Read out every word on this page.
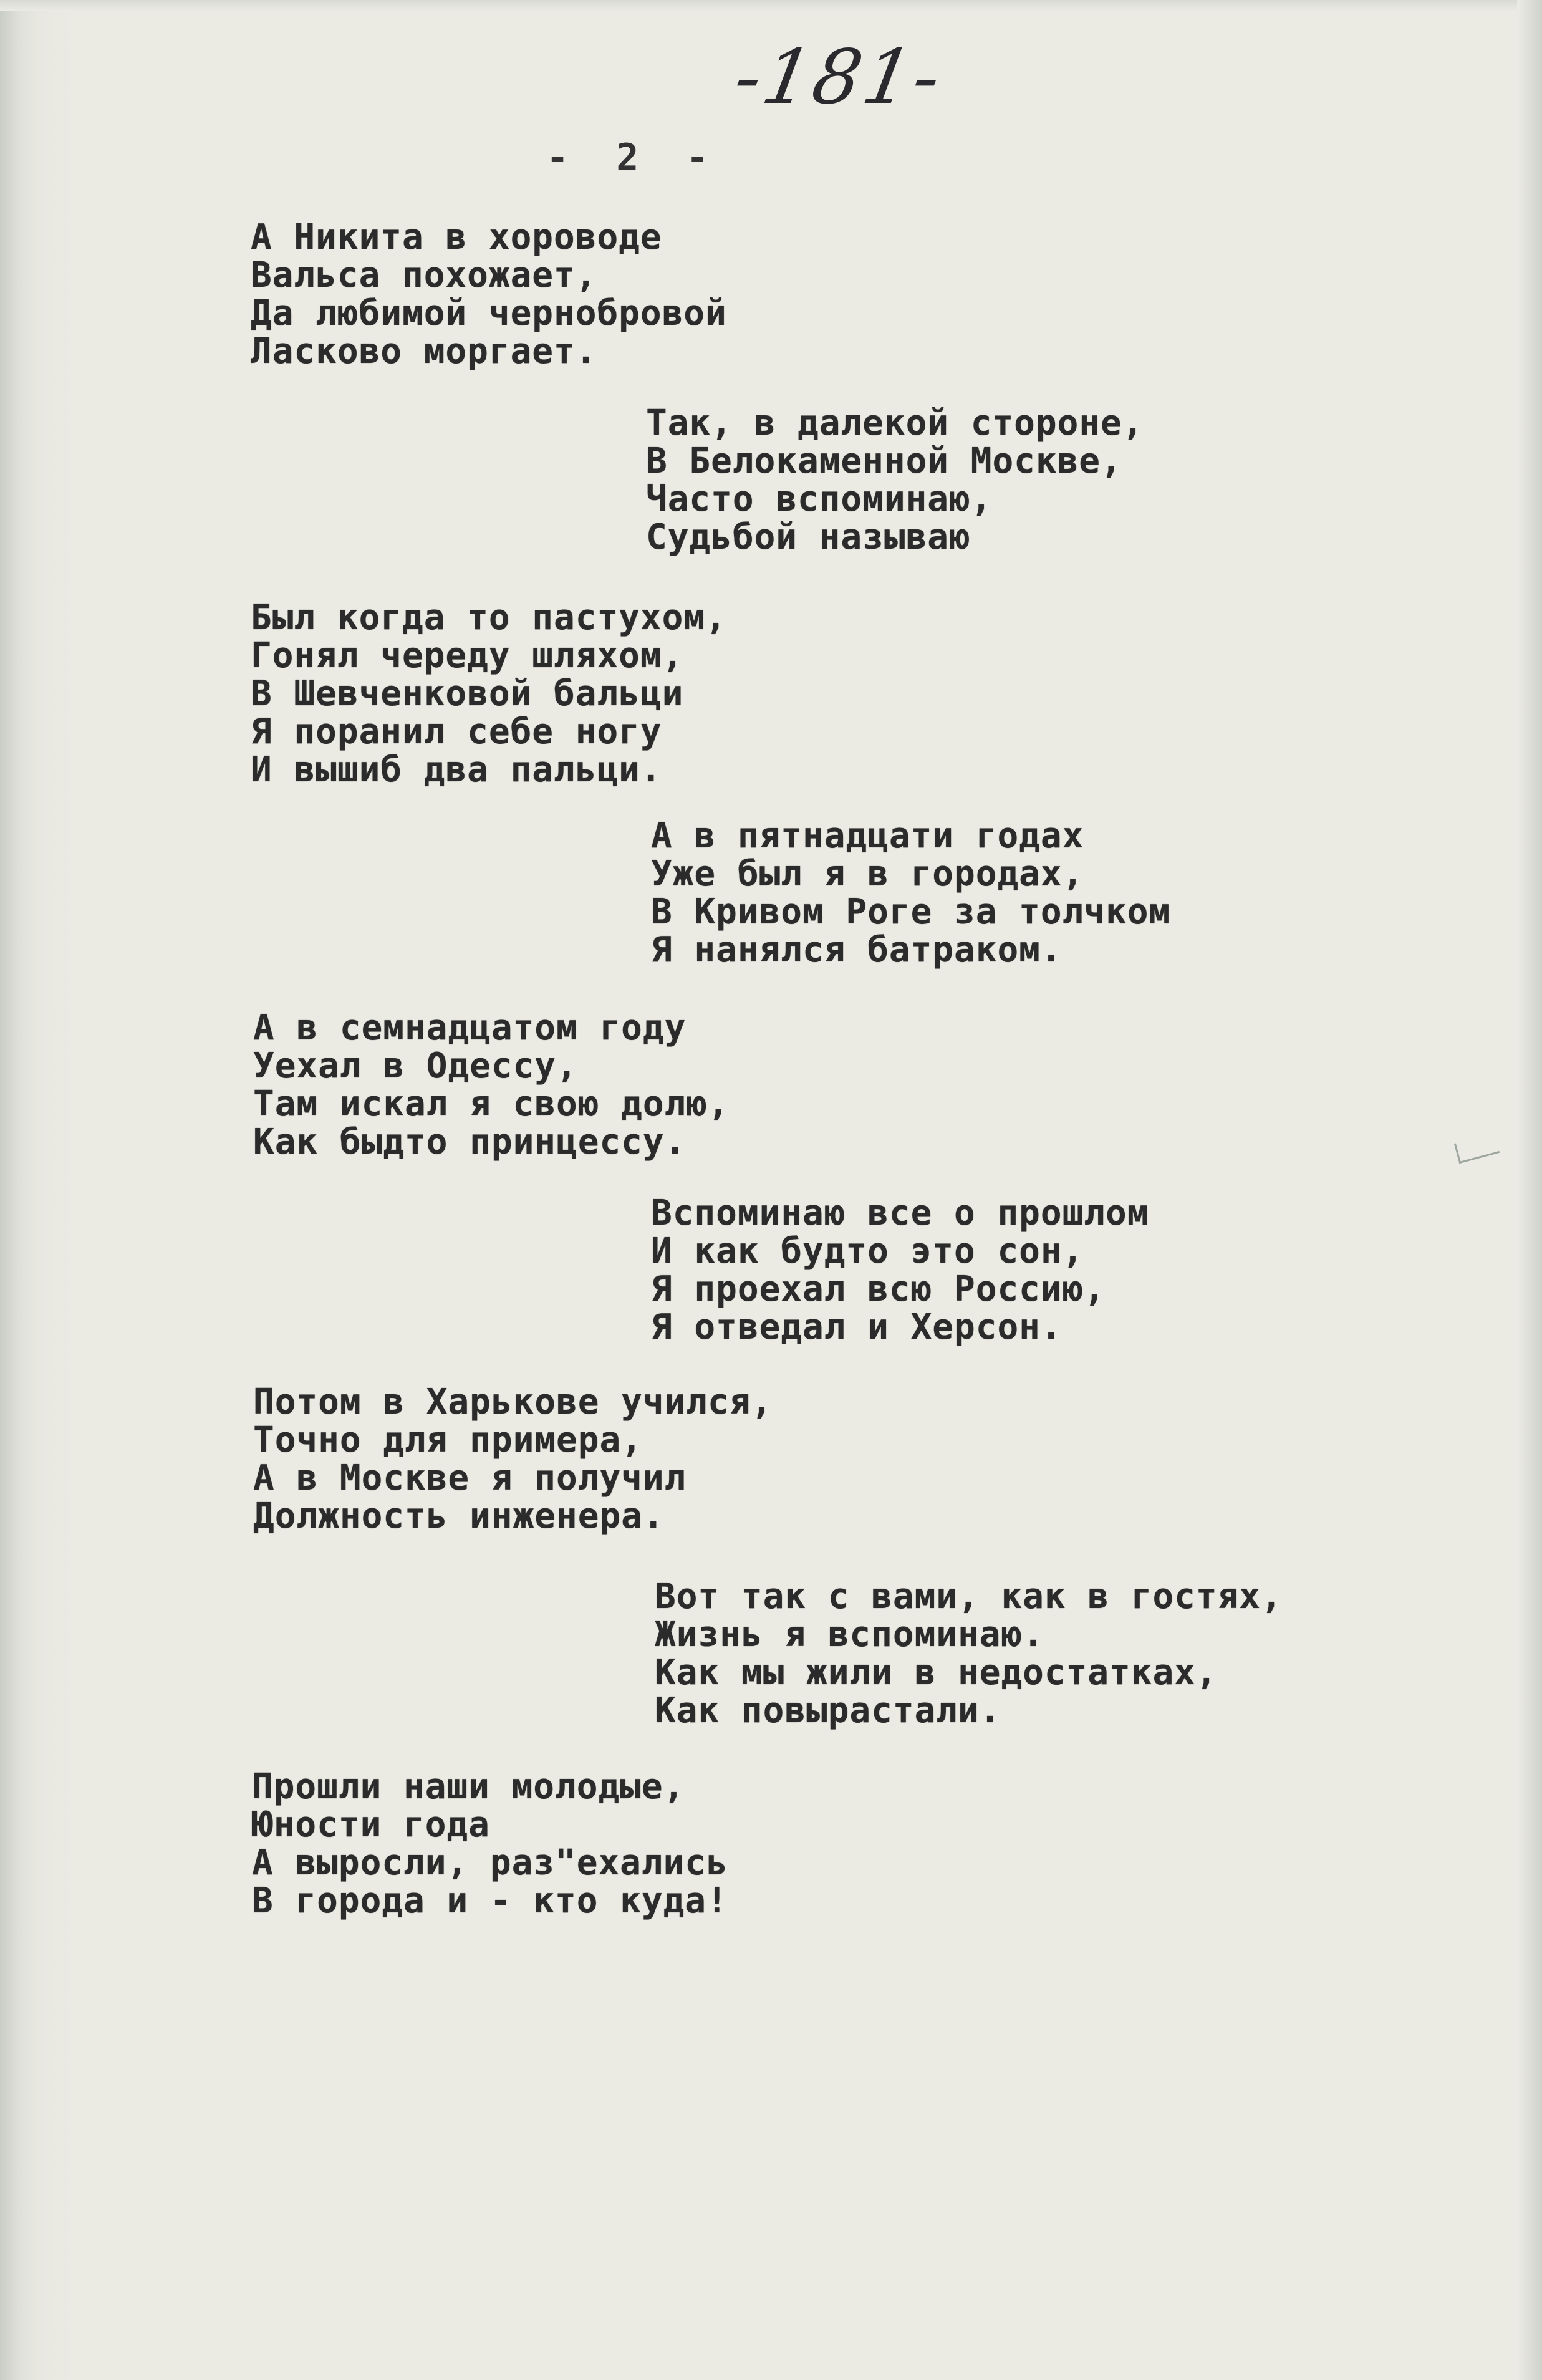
-181-
- 2 -
А Никита в хороводе
Вальса похожает,
Да любимой чернобровой
Ласково моргает.
Так, в далекой стороне,
В Белокаменной Москве,
Часто вспоминаю,
Судьбой называю
Был когда то пастухом,
Гонял череду шляхом,
В Шевченковой бальци
Я поранил себе ногу
И вышиб два пальци.
А в пятнадцати годах
Уже был я в городах,
В Кривом Роге за толчком
Я нанялся батраком.
А в семнадцатом году
Уехал в Одессу,
Там искал я свою долю,
Как быдто принцессу.
Вспоминаю все о прошлом
И как будто это сон,
Я проехал всю Россию,
Я отведал и Херсон.
Потом в Харькове учился,
Точно для примера,
А в Москве я получил
Должность инженера.
Вот так с вами, как в гостях,
Жизнь я вспоминаю.
Как мы жили в недостатках,
Как повырастали.
Прошли наши молодые,
Юности года
А выросли, раз"ехались
В города и - кто куда!
